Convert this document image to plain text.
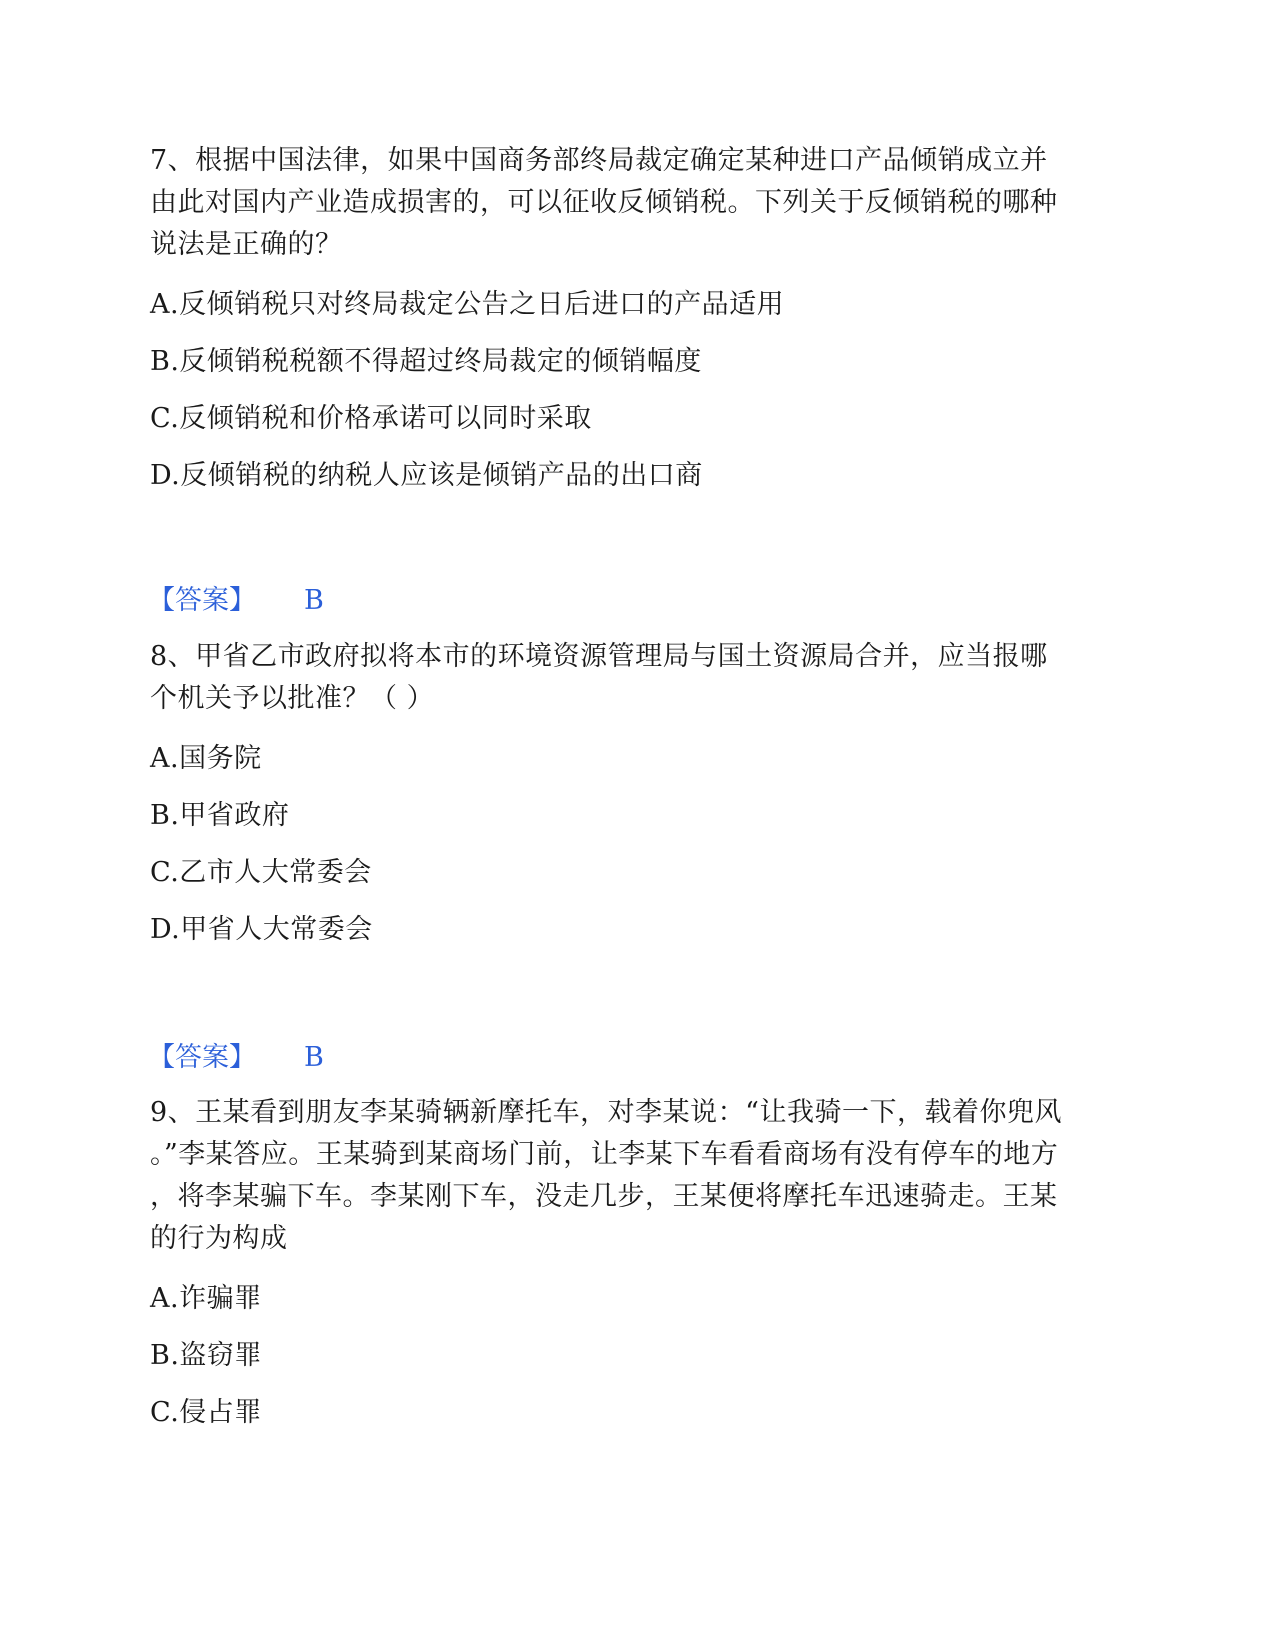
7、根据中国法律，如果中国商务部终局裁定确定某种进口产品倾销成立并
由此对国内产业造成损害的，可以征收反倾销税。下列关于反倾销税的哪种
说法是正确的？

A.反倾销税只对终局裁定公告之日后进口的产品适用
B.反倾销税税额不得超过终局裁定的倾销幅度
C.反倾销税和价格承诺可以同时采取
D.反倾销税的纳税人应该是倾销产品的出口商
【答案】 B

8、甲省乙市政府拟将本市的环境资源管理局与国土资源局合并，应当报哪
个机关予以批准？（ ）

A.国务院
B.甲省政府
C.乙市人大常委会
D.甲省人大常委会
【答案】 B

9、王某看到朋友李某骑辆新摩托车，对李某说：“让我骑一下，载着你兜风
。”李某答应。王某骑到某商场门前，让李某下车看看商场有没有停车的地方
，将李某骗下车。李某刚下车，没走几步，王某便将摩托车迅速骑走。王某
的行为构成

A.诈骗罪
B.盗窃罪
C.侵占罪
